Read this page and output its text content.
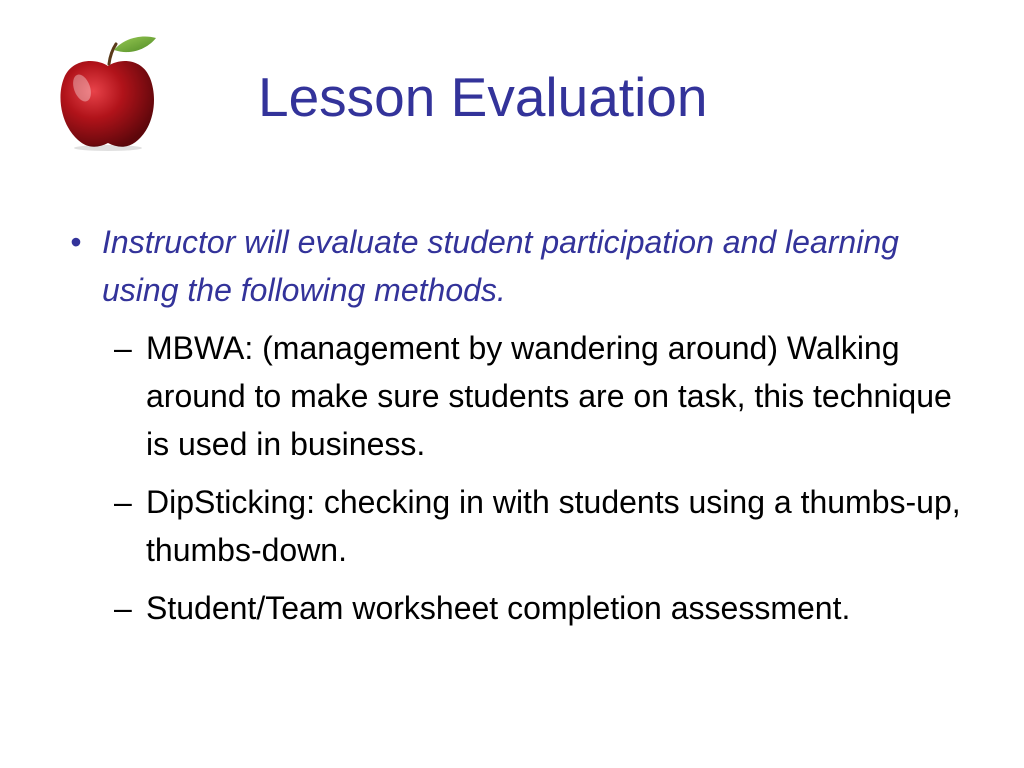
Lesson Evaluation
• Instructor will evaluate student participation and learning using the following methods.
– MBWA: (management by wandering around) Walking around to make sure students are on task, this technique is used in business.
– DipSticking: checking in with students using a thumbs-up, thumbs-down.
– Student/Team worksheet completion assessment.
